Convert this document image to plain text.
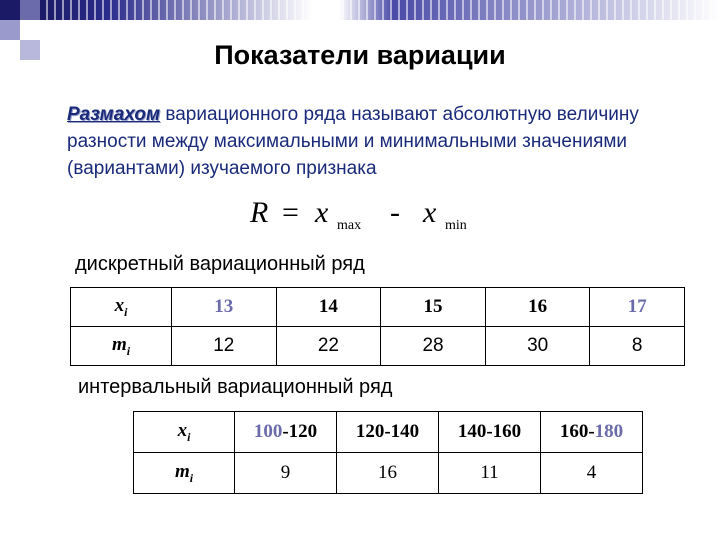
Показатели вариации
Размахом вариационного ряда называют абсолютную величину разности между максимальными и минимальными значениями (вариантами) изучаемого признака
R = x max - x min
дискретный вариационный ряд
$x_i$	13	14	15	16	17
$m_i$	12	22	28	30	8
интервальный вариационный ряд
$x_i$	100-120	120-140	140-160	160-180
$m_i$	9	16	11	4
